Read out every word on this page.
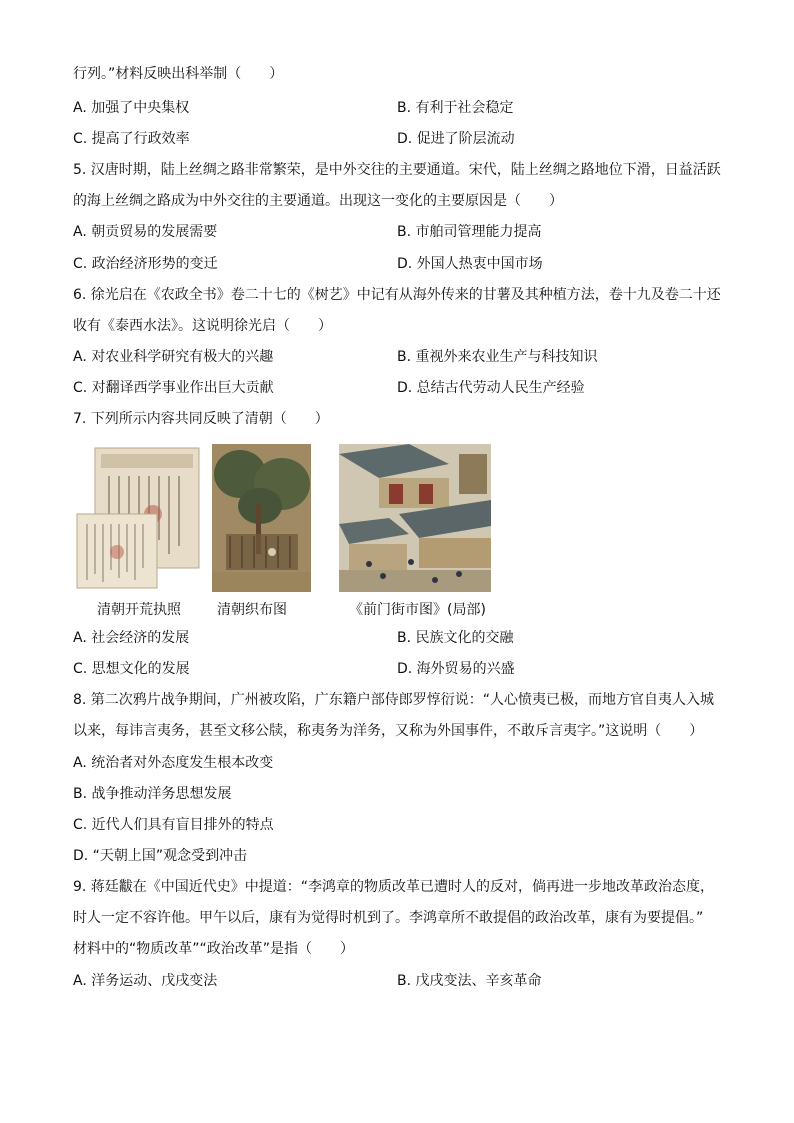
行列。”材料反映出科举制（　　）
A. 加强了中央集权	B. 有利于社会稳定
C. 提高了行政效率	D. 促进了阶层流动
5. 汉唐时期，陆上丝绸之路非常繁荣，是中外交往的主要通道。宋代，陆上丝绸之路地位下滑，日益活跃
的海上丝绸之路成为中外交往的主要通道。出现这一变化的主要原因是（　　）
A. 朝贡贸易的发展需要	B. 市舶司管理能力提高
C. 政治经济形势的变迁	D. 外国人热衷中国市场
6. 徐光启在《农政全书》卷二十七的《树艺》中记有从海外传来的甘薯及其种植方法，卷十九及卷二十还
收有《泰西水法》。这说明徐光启（　　）
A. 对农业科学研究有极大的兴趣	B. 重视外来农业生产与科技知识
C. 对翻译西学事业作出巨大贡献	D. 总结古代劳动人民生产经验
7. 下列所示内容共同反映了清朝（　　）
清朝开荒执照	清朝织布图	《前门街市图》(局部)
A. 社会经济的发展	B. 民族文化的交融
C. 思想文化的发展	D. 海外贸易的兴盛
8. 第二次鸦片战争期间，广州被攻陷，广东籍户部侍郎罗惇衍说：“人心愤夷已极，而地方官自夷人入城
以来，每讳言夷务，甚至文移公牍，称夷务为洋务，又称为外国事件，不敢斥言夷字。”这说明（　　）
A. 统治者对外态度发生根本改变
B. 战争推动洋务思想发展
C. 近代人们具有盲目排外的特点
D. “天朝上国”观念受到冲击
9. 蒋廷黻在《中国近代史》中提道：“李鸿章的物质改革已遭时人的反对，倘再进一步地改革政治态度，
时人一定不容许他。甲午以后，康有为觉得时机到了。李鸿章所不敢提倡的政治改革，康有为要提倡。”
材料中的“物质改革”“政治改革”是指（　　）
A. 洋务运动、戊戌变法	B. 戊戌变法、辛亥革命
